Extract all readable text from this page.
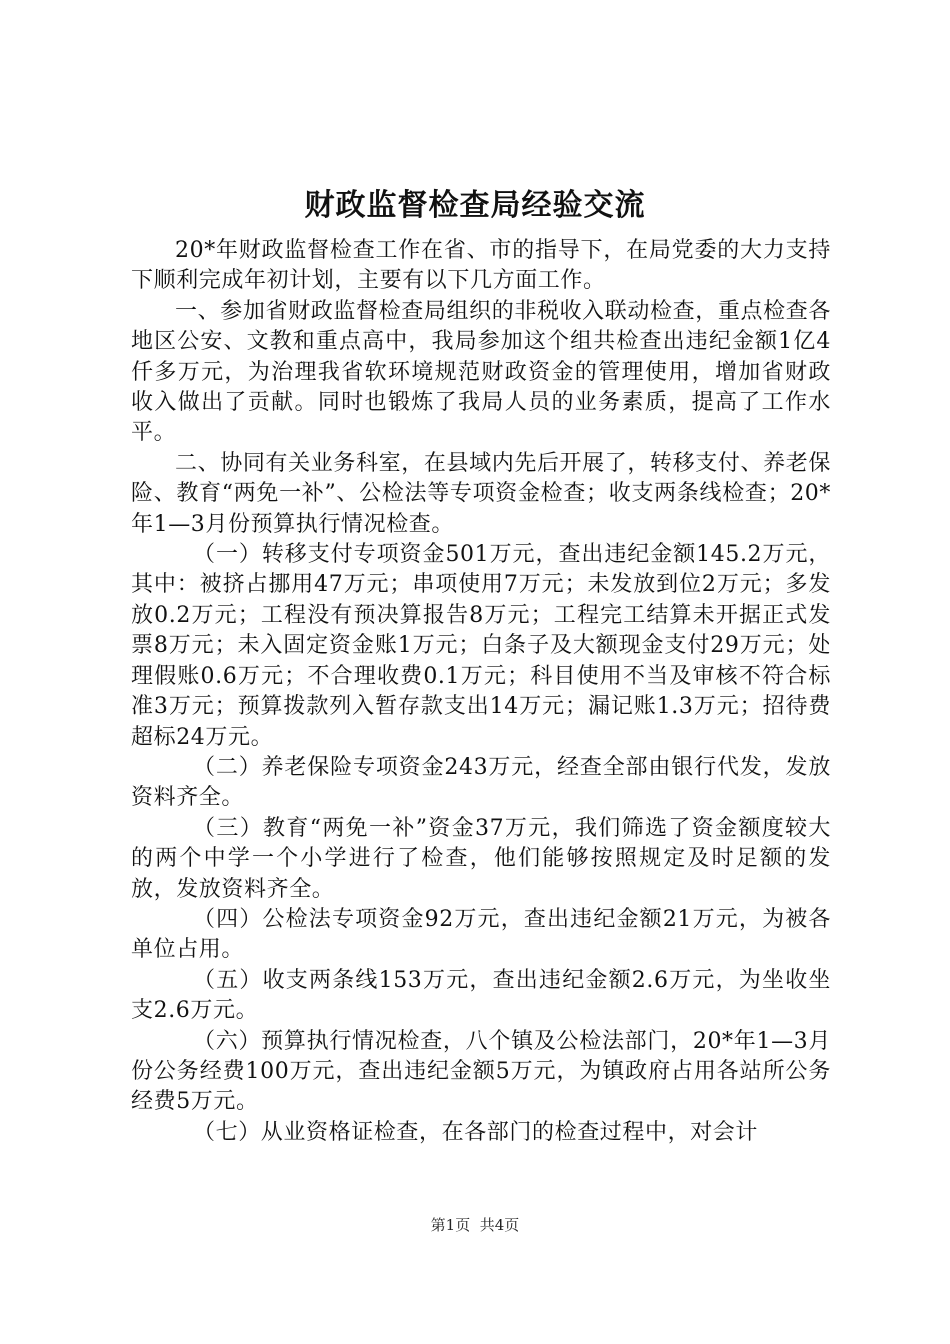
财政监督检查局经验交流

20*年财政监督检查工作在省、市的指导下，在局党委的大力支持下顺利完成年初计划，主要有以下几方面工作。

一、参加省财政监督检查局组织的非税收入联动检查，重点检查各地区公安、文教和重点高中，我局参加这个组共检查出违纪金额1亿4仟多万元，为治理我省软环境规范财政资金的管理使用，增加省财政收入做出了贡献。同时也锻炼了我局人员的业务素质，提高了工作水平。

二、协同有关业务科室，在县域内先后开展了，转移支付、养老保险、教育“两免一补”、公检法等专项资金检查；收支两条线检查；20*年1—3月份预算执行情况检查。

（一）转移支付专项资金501万元，查出违纪金额145.2万元，其中：被挤占挪用47万元；串项使用7万元；未发放到位2万元；多发放0.2万元；工程没有预决算报告8万元；工程完工结算未开据正式发票8万元；未入固定资金账1万元；白条子及大额现金支付29万元；处理假账0.6万元；不合理收费0.1万元；科目使用不当及审核不符合标准3万元；预算拨款列入暂存款支出14万元；漏记账1.3万元；招待费超标24万元。

（二）养老保险专项资金243万元，经查全部由银行代发，发放资料齐全。

（三）教育“两免一补”资金37万元，我们筛选了资金额度较大的两个中学一个小学进行了检查，他们能够按照规定及时足额的发放，发放资料齐全。

（四）公检法专项资金92万元，查出违纪金额21万元，为被各单位占用。

（五）收支两条线153万元，查出违纪金额2.6万元，为坐收坐支2.6万元。

（六）预算执行情况检查，八个镇及公检法部门，20*年1—3月份公务经费100万元，查出违纪金额5万元，为镇政府占用各站所公务经费5万元。

（七）从业资格证检查，在各部门的检查过程中，对会计

第1页 共4页
